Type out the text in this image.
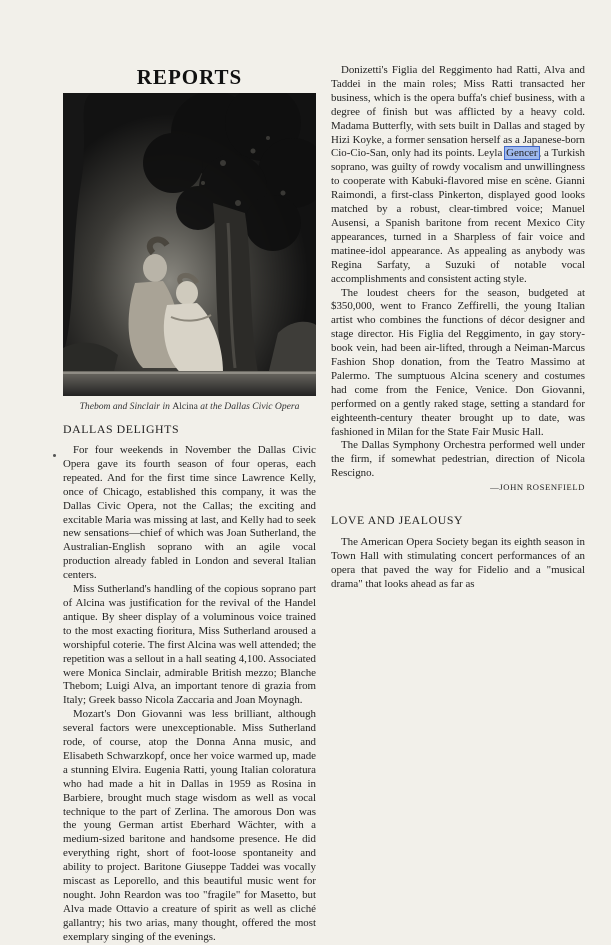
REPORTS
Thebom and Sinclair in Alcina at the Dallas Civic Opera
DALLAS DELIGHTS

For four weekends in November the Dallas Civic Opera gave its fourth season of four operas, each repeated. And for the first time since Lawrence Kelly, once of Chicago, established this company, it was the Dallas Civic Opera, not the Callas; the exciting and excitable Maria was missing at last, and Kelly had to seek new sensations—chief of which was Joan Sutherland, the Australian-English soprano with an agile vocal production already fabled in London and several Italian centers.

Miss Sutherland's handling of the copious soprano part of Alcina was justification for the revival of the Handel antique. By sheer display of a voluminous voice trained to the most exacting fioritura, Miss Sutherland aroused a worshipful coterie. The first Alcina was well attended; the repetition was a sellout in a hall seating 4,100. Associated were Monica Sinclair, admirable British mezzo; Blanche Thebom; Luigi Alva, an important tenore di grazia from Italy; Greek basso Nicola Zaccaria and Joan Moynagh.

Mozart's Don Giovanni was less brilliant, although several factors were unexceptionable. Miss Sutherland rode, of course, atop the Donna Anna music, and Elisabeth Schwarzkopf, once her voice warmed up, made a stunning Elvira. Eugenia Ratti, young Italian coloratura who had made a hit in Dallas in 1959 as Rosina in Barbiere, brought much stage wisdom as well as vocal technique to the part of Zerlina. The amorous Don was the young German artist Eberhard Wächter, with a medium-sized baritone and handsome presence. He did everything right, short of foot-loose spontaneity and ability to project. Baritone Giuseppe Taddei was vocally miscast as Leporello, and this beautiful music went for nought. John Reardon was too "fragile" for Masetto, but Alva made Ottavio a creature of spirit as well as cliché gallantry; his two arias, many thought, offered the most exemplary singing of the evenings.

Donizetti's Figlia del Reggimento had Ratti, Alva and Taddei in the main roles; Miss Ratti transacted her business, which is the opera buffa's chief business, with a degree of finish but was afflicted by a heavy cold. Madama Butterfly, with sets built in Dallas and staged by Hizi Koyke, a former sensation herself as a Japanese-born Cio-Cio-San, only had its points. Leyla Gencer, a Turkish soprano, was guilty of rowdy vocalism and unwillingness to cooperate with Kabuki-flavored mise en scène. Gianni Raimondi, a first-class Pinkerton, displayed good looks matched by a robust, clear-timbred voice; Manuel Ausensi, a Spanish baritone from recent Mexico City appearances, turned in a Sharpless of fair voice and matinee-idol appearance. As appealing as anybody was Regina Sarfaty, a Suzuki of notable vocal accomplishments and consistent acting style.

The loudest cheers for the season, budgeted at $350,000, went to Franco Zeffirelli, the young Italian artist who combines the functions of décor designer and stage director. His Figlia del Reggimento, in gay story-book vein, had been air-lifted, through a Neiman-Marcus Fashion Shop donation, from the Teatro Massimo at Palermo. The sumptuous Alcina scenery and costumes had come from the Fenice, Venice. Don Giovanni, performed on a gently raked stage, setting a standard for eighteenth-century theater brought up to date, was fashioned in Milan for the State Fair Music Hall.

The Dallas Symphony Orchestra performed well under the firm, if somewhat pedestrian, direction of Nicola Rescigno.
—JOHN ROSENFIELD

LOVE AND JEALOUSY

The American Opera Society began its eighth season in Town Hall with stimulating concert performances of an opera that paved the way for Fidelio and a "musical drama" that looks ahead as far as
